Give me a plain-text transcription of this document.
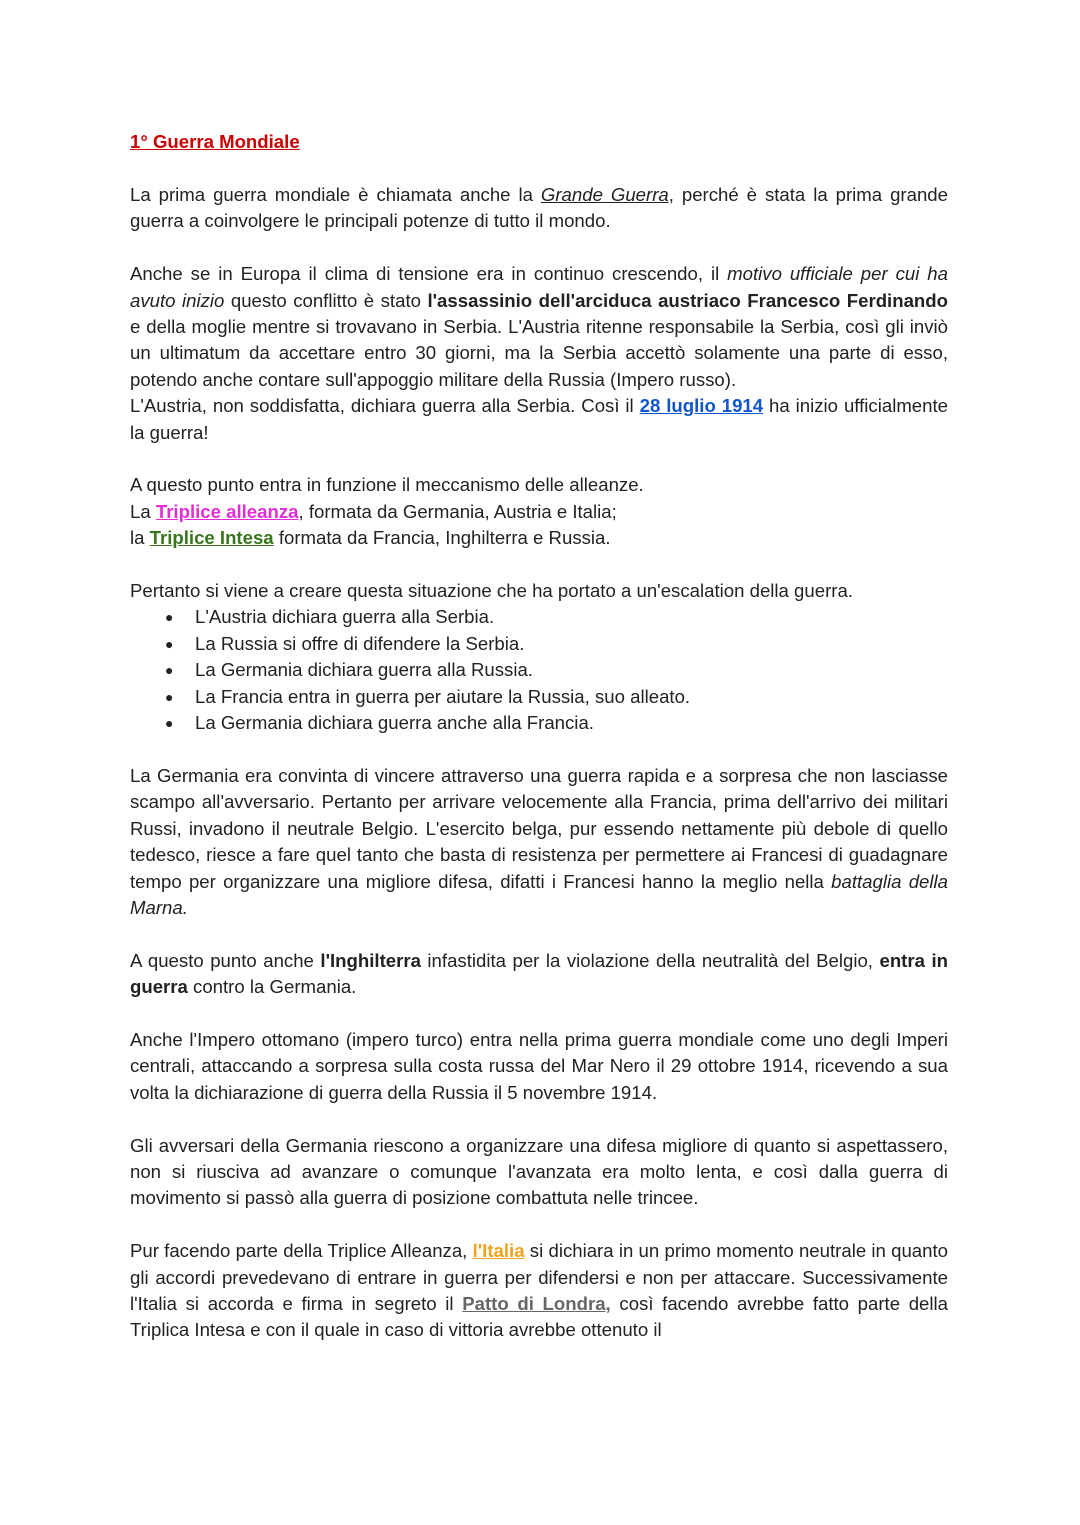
1° Guerra Mondiale

La prima guerra mondiale è chiamata anche la Grande Guerra, perché è stata la prima grande guerra a coinvolgere le principali potenze di tutto il mondo.

Anche se in Europa il clima di tensione era in continuo crescendo, il motivo ufficiale per cui ha avuto inizio questo conflitto è stato l'assassinio dell'arciduca austriaco Francesco Ferdinando e della moglie mentre si trovavano in Serbia. L'Austria ritenne responsabile la Serbia, così gli inviò un ultimatum da accettare entro 30 giorni, ma la Serbia accettò solamente una parte di esso, potendo anche contare sull'appoggio militare della Russia (Impero russo).

L'Austria, non soddisfatta, dichiara guerra alla Serbia. Così il 28 luglio 1914 ha inizio ufficialmente la guerra!

A questo punto entra in funzione il meccanismo delle alleanze.
La Triplice alleanza, formata da Germania, Austria e Italia;
la Triplice Intesa formata da Francia, Inghilterra e Russia.

Pertanto si viene a creare questa situazione che ha portato a un'escalation della guerra.

● L'Austria dichiara guerra alla Serbia.
● La Russia si offre di difendere la Serbia.
● La Germania dichiara guerra alla Russia.
● La Francia entra in guerra per aiutare la Russia, suo alleato.
● La Germania dichiara guerra anche alla Francia.

La Germania era convinta di vincere attraverso una guerra rapida e a sorpresa che non lasciasse scampo all'avversario. Pertanto per arrivare velocemente alla Francia, prima dell'arrivo dei militari Russi, invadono il neutrale Belgio. L'esercito belga, pur essendo nettamente più debole di quello tedesco, riesce a fare quel tanto che basta di resistenza per permettere ai Francesi di guadagnare tempo per organizzare una migliore difesa, difatti i Francesi hanno la meglio nella battaglia della Marna.

A questo punto anche l'Inghilterra infastidita per la violazione della neutralità del Belgio, entra in guerra contro la Germania.

Anche l'Impero ottomano (impero turco) entra nella prima guerra mondiale come uno degli Imperi centrali, attaccando a sorpresa sulla costa russa del Mar Nero il 29 ottobre 1914, ricevendo a sua volta la dichiarazione di guerra della Russia il 5 novembre 1914.

Gli avversari della Germania riescono a organizzare una difesa migliore di quanto si aspettassero, non si riusciva ad avanzare o comunque l'avanzata era molto lenta, e così dalla guerra di movimento si passò alla guerra di posizione combattuta nelle trincee.

Pur facendo parte della Triplice Alleanza, l'Italia si dichiara in un primo momento neutrale in quanto gli accordi prevedevano di entrare in guerra per difendersi e non per attaccare. Successivamente l'Italia si accorda e firma in segreto il Patto di Londra, così facendo avrebbe fatto parte della Triplica Intesa e con il quale in caso di vittoria avrebbe ottenuto il
